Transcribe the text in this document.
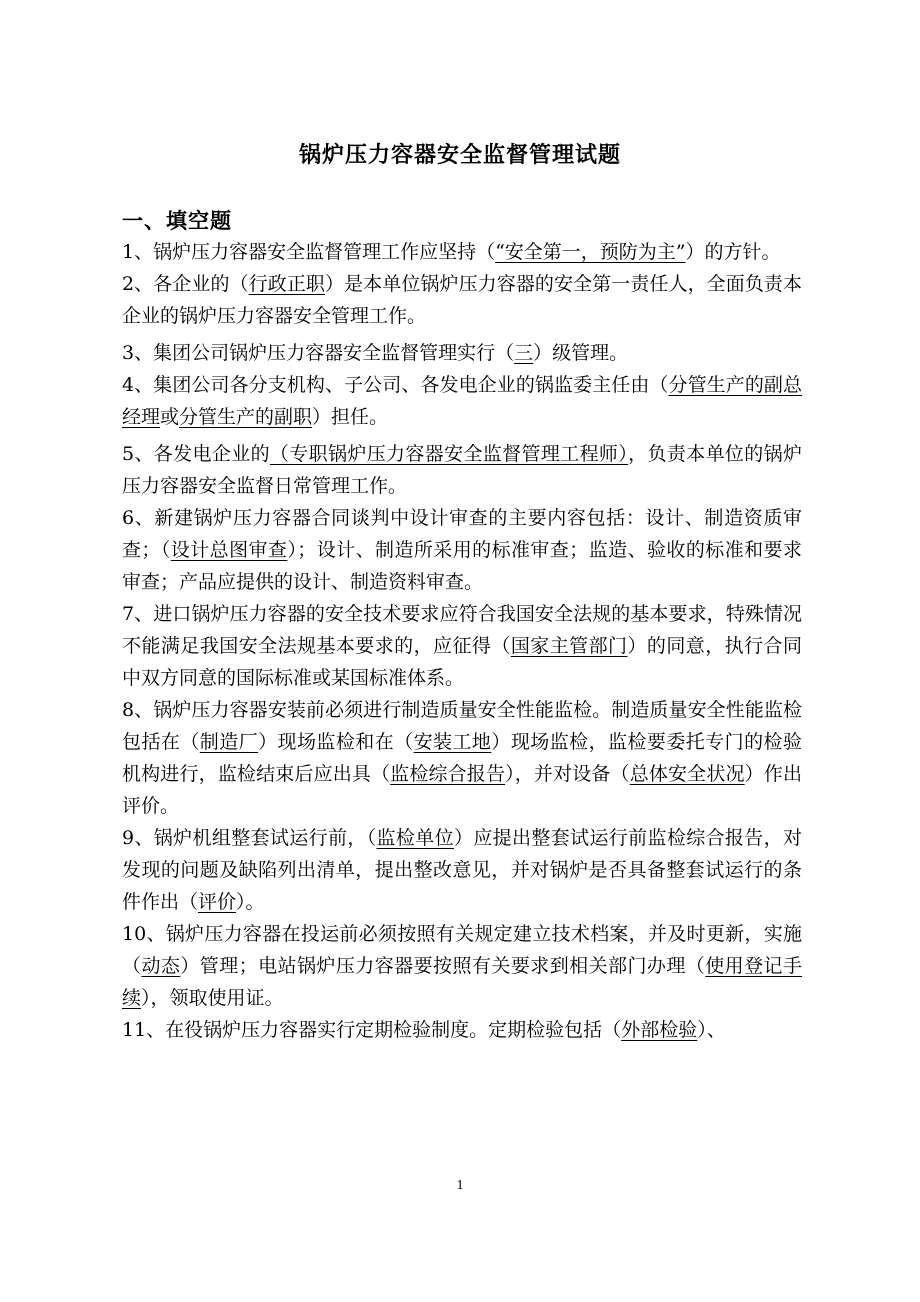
锅炉压力容器安全监督管理试题
一、填空题

1、锅炉压力容器安全监督管理工作应坚持（“安全第一，预防为主”）的方针。

2、各企业的（行政正职）是本单位锅炉压力容器的安全第一责任人，全面负责本企业的锅炉压力容器安全管理工作。

3、集团公司锅炉压力容器安全监督管理实行（三）级管理。

4、集团公司各分支机构、子公司、各发电企业的锅监委主任由（分管生产的副总经理或分管生产的副职）担任。

5、各发电企业的（专职锅炉压力容器安全监督管理工程师），负责本单位的锅炉压力容器安全监督日常管理工作。

6、新建锅炉压力容器合同谈判中设计审查的主要内容包括：设计、制造资质审查；（设计总图审查）；设计、制造所采用的标准审查；监造、验收的标准和要求审查；产品应提供的设计、制造资料审查。

7、进口锅炉压力容器的安全技术要求应符合我国安全法规的基本要求，特殊情况不能满足我国安全法规基本要求的，应征得（国家主管部门）的同意，执行合同中双方同意的国际标准或某国标准体系。

8、锅炉压力容器安装前必须进行制造质量安全性能监检。制造质量安全性能监检包括在（制造厂）现场监检和在（安装工地）现场监检，监检要委托专门的检验机构进行，监检结束后应出具（监检综合报告），并对设备（总体安全状况）作出评价。

9、锅炉机组整套试运行前，（监检单位）应提出整套试运行前监检综合报告，对发现的问题及缺陷列出清单，提出整改意见，并对锅炉是否具备整套试运行的条件作出（评价）。

10、锅炉压力容器在投运前必须按照有关规定建立技术档案，并及时更新，实施（动态）管理；电站锅炉压力容器要按照有关要求到相关部门办理（使用登记手续），领取使用证。

11、在役锅炉压力容器实行定期检验制度。定期检验包括（外部检验）、

1
